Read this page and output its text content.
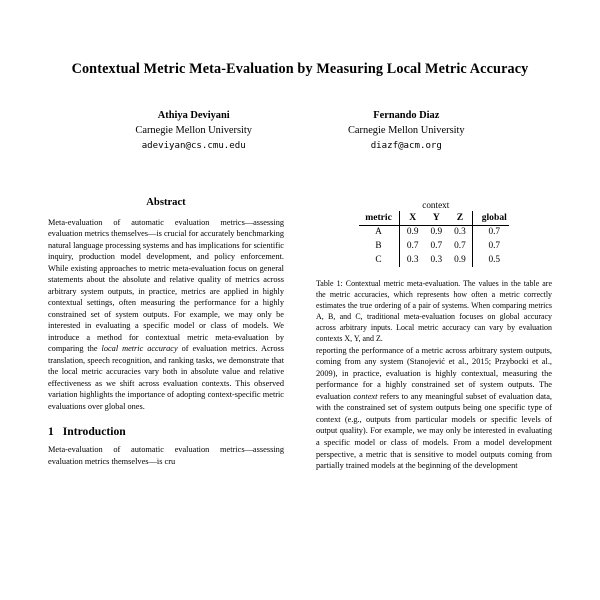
Contextual Metric Meta-Evaluation by Measuring Local Metric Accuracy
Athiya Deviyani
Carnegie Mellon University
adeviyan@cs.cmu.edu
Fernando Diaz
Carnegie Mellon University
diazf@acm.org
Abstract

Meta-evaluation of automatic evaluation metrics—assessing evaluation metrics themselves—is crucial for accurately benchmarking natural language processing systems and has implications for scientific inquiry, production model development, and policy enforcement. While existing approaches to metric meta-evaluation focus on general statements about the absolute and relative quality of metrics across arbitrary system outputs, in practice, metrics are applied in highly contextual settings, often measuring the performance for a highly constrained set of system outputs. For example, we may only be interested in evaluating a specific model or class of models. We introduce a method for contextual metric meta-evaluation by comparing the local metric accuracy of evaluation metrics. Across translation, speech recognition, and ranking tasks, we demonstrate that the local metric accuracies vary both in absolute value and relative effectiveness as we shift across evaluation contexts. This observed variation highlights the importance of adopting context-specific metric evaluations over global ones.

1 Introduction

Meta-evaluation of automatic evaluation metrics—assessing evaluation metrics themselves—is cru

	context			
metric	X	Y	Z	global
A	0.9	0.9	0.3	0.7
B	0.7	0.7	0.7	0.7
C	0.3	0.3	0.9	0.5

Table 1: Contextual metric meta-evaluation. The values in the table are the metric accuracies, which represents how often a metric correctly estimates the true ordering of a pair of systems. When comparing metrics A, B, and C, traditional meta-evaluation focuses on global accuracy across arbitrary inputs. Local metric accuracy can vary by evaluation contexts X, Y, and Z.

reporting the performance of a metric across arbitrary system outputs, coming from any system (Stanojević et al., 2015; Przybocki et al., 2009), in practice, evaluation is highly contextual, measuring the performance for a highly constrained set of system outputs. The evaluation context refers to any meaningful subset of evaluation data, with the constrained set of system outputs being one specific type of context (e.g., outputs from particular models or specific levels of output quality). For example, we may only be interested in evaluating a specific model or class of models. From a model development perspective, a metric that is sensitive to model outputs coming from partially trained models at the beginning of the development
